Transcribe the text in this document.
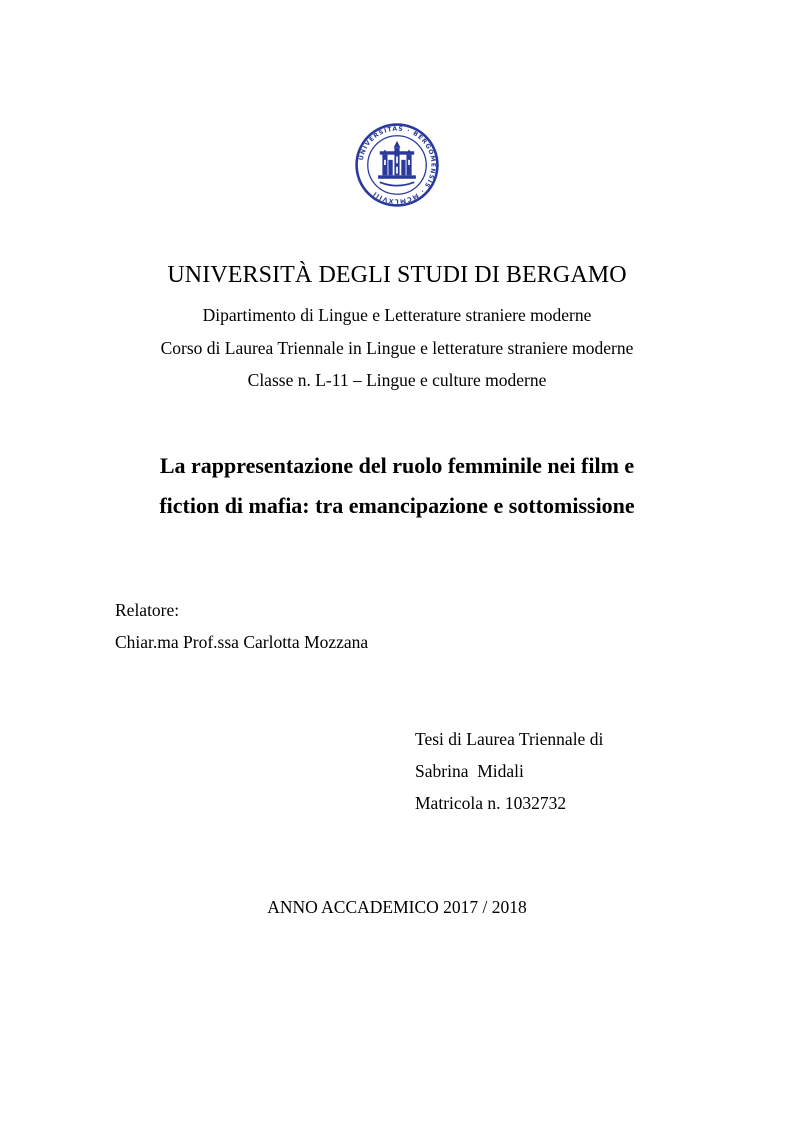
UNIVERSITAS · BERGOMENSIS · MCMLXVIII
UNIVERSITÀ DEGLI STUDI DI BERGAMO
Dipartimento di Lingue e Letterature straniere moderne
Corso di Laurea Triennale in Lingue e letterature straniere moderne
Classe n. L-11 – Lingue e culture moderne
La rappresentazione del ruolo femminile nei film e
fiction di mafia: tra emancipazione e sottomissione
Relatore:
Chiar.ma Prof.ssa Carlotta Mozzana
Tesi di Laurea Triennale di
Sabrina  Midali
Matricola n. 1032732
ANNO ACCADEMICO 2017 / 2018
